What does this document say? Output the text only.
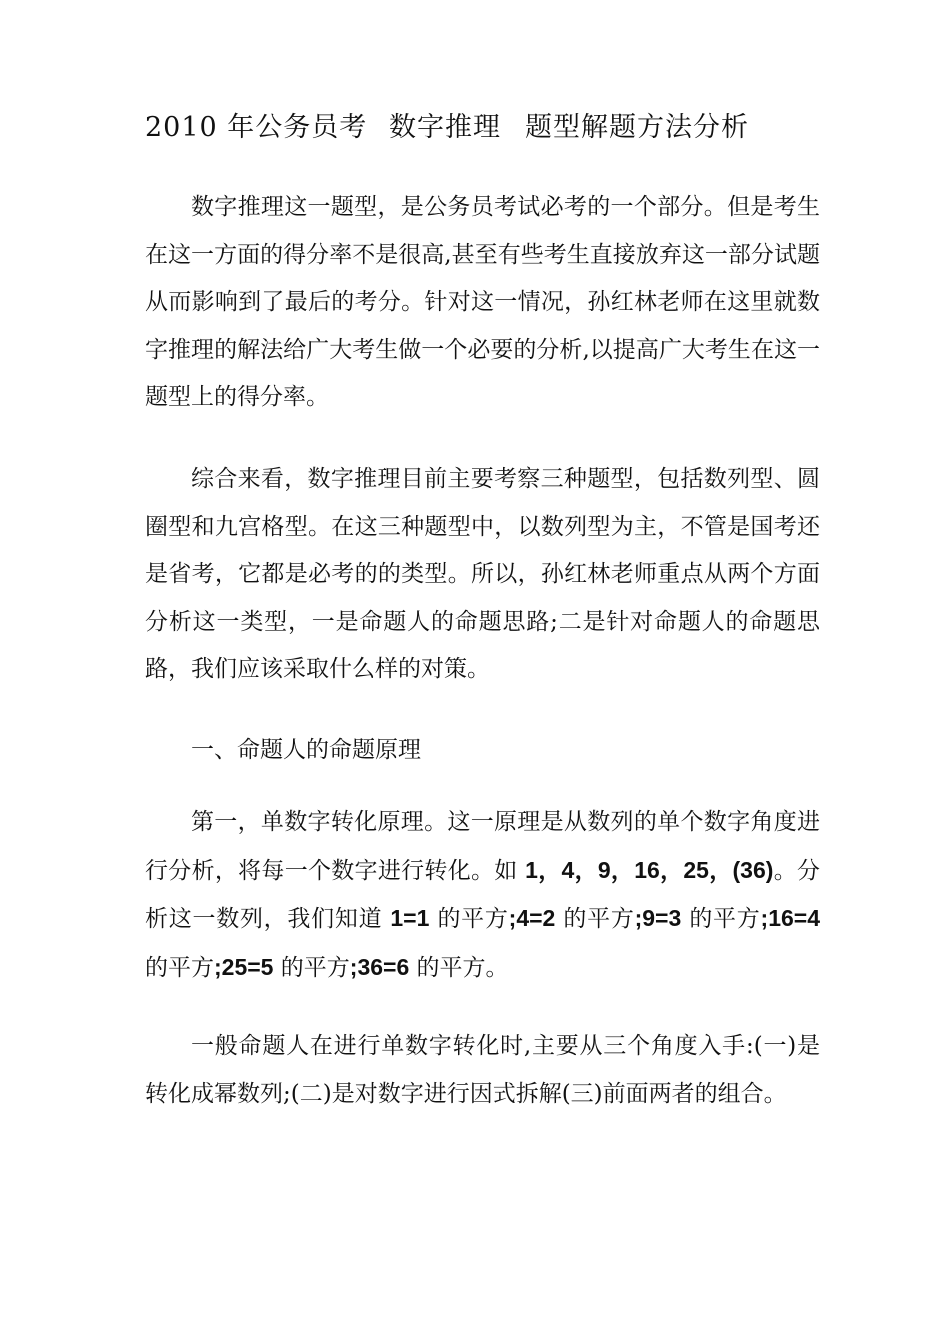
2010 年公务员考 数字推理 题型解题方法分析

数字推理这一题型，是公务员考试必考的一个部分。但是考生在这一方面的得分率不是很高,甚至有些考生直接放弃这一部分试题从而影响到了最后的考分。针对这一情况，孙红林老师在这里就数字推理的解法给广大考生做一个必要的分析,以提高广大考生在这一题型上的得分率。

综合来看，数字推理目前主要考察三种题型，包括数列型、圆圈型和九宫格型。在这三种题型中，以数列型为主，不管是国考还是省考，它都是必考的的类型。所以，孙红林老师重点从两个方面分析这一类型，一是命题人的命题思路;二是针对命题人的命题思路，我们应该采取什么样的对策。

一、命题人的命题原理

第一，单数字转化原理。这一原理是从数列的单个数字角度进行分析，将每一个数字进行转化。如 1，4，9，16，25，(36)。分析这一数列，我们知道 1=1 的平方;4=2 的平方;9=3 的平方;16=4 的平方;25=5 的平方;36=6 的平方。

一般命题人在进行单数字转化时,主要从三个角度入手:(一)是转化成幂数列;(二)是对数字进行因式拆解(三)前面两者的组合。
